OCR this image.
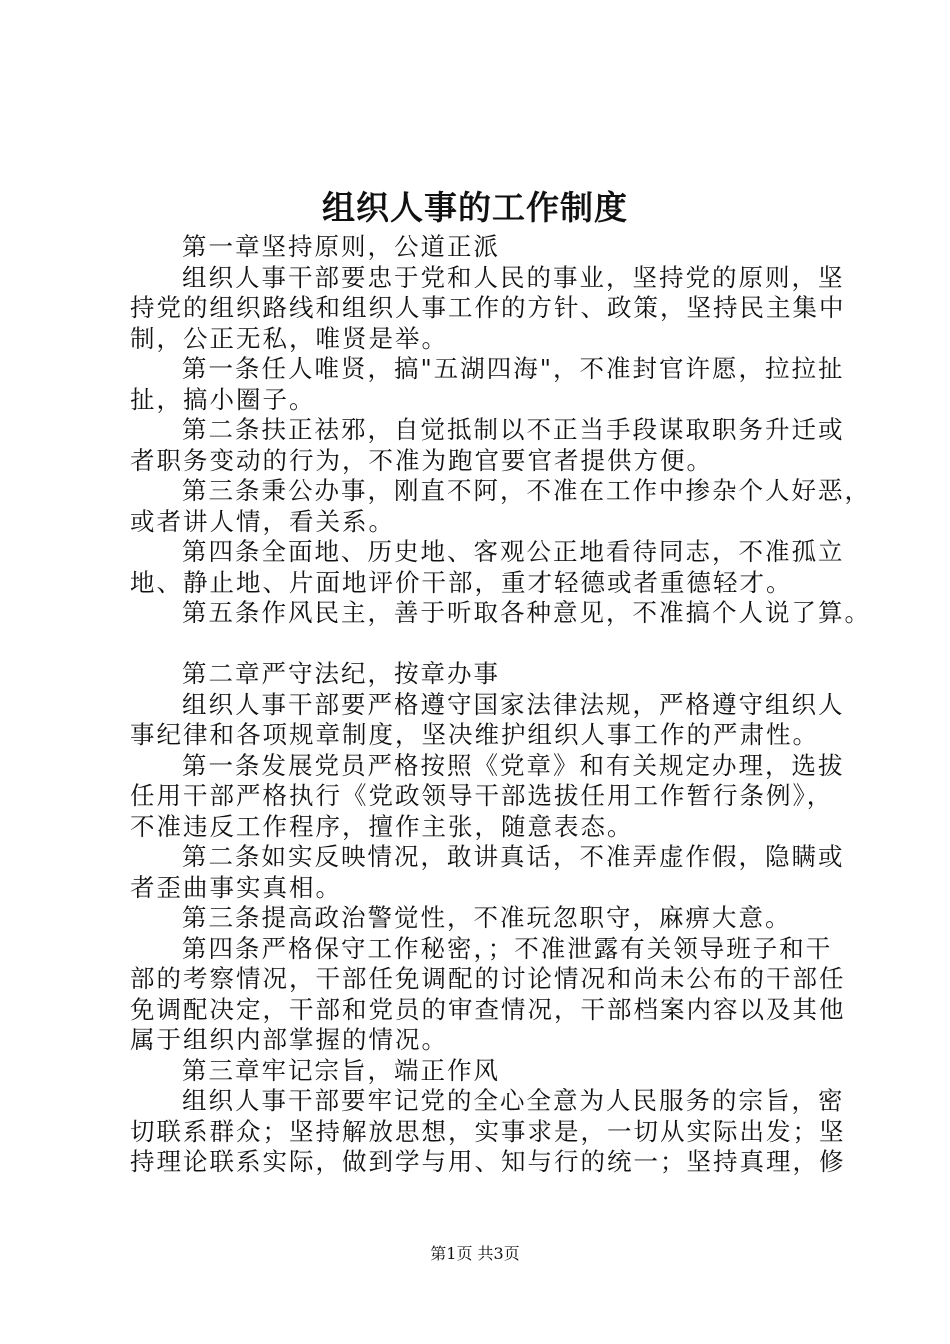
组织人事的工作制度

第一章坚持原则，公道正派

组织人事干部要忠于党和人民的事业，坚持党的原则，坚

持党的组织路线和组织人事工作的方针、政策，坚持民主集中

制，公正无私，唯贤是举。

第一条任人唯贤，搞"五湖四海"，不准封官许愿，拉拉扯

扯，搞小圈子。

第二条扶正祛邪，自觉抵制以不正当手段谋取职务升迁或

者职务变动的行为，不准为跑官要官者提供方便。

第三条秉公办事，刚直不阿，不准在工作中掺杂个人好恶，

或者讲人情，看关系。

第四条全面地、历史地、客观公正地看待同志，不准孤立

地、静止地、片面地评价干部，重才轻德或者重德轻才。

第五条作风民主，善于听取各种意见，不准搞个人说了算。

第二章严守法纪，按章办事

组织人事干部要严格遵守国家法律法规，严格遵守组织人

事纪律和各项规章制度，坚决维护组织人事工作的严肃性。

第一条发展党员严格按照《党章》和有关规定办理，选拔

任用干部严格执行《党政领导干部选拔任用工作暂行条例》，

不准违反工作程序，擅作主张，随意表态。

第二条如实反映情况，敢讲真话，不准弄虚作假，隐瞒或

者歪曲事实真相。

第三条提高政治警觉性，不准玩忽职守，麻痹大意。

第四条严格保守工作秘密，；不准泄露有关领导班子和干

部的考察情况，干部任免调配的讨论情况和尚未公布的干部任

免调配决定，干部和党员的审查情况，干部档案内容以及其他

属于组织内部掌握的情况。

第三章牢记宗旨，端正作风

组织人事干部要牢记党的全心全意为人民服务的宗旨，密

切联系群众；坚持解放思想，实事求是，一切从实际出发；坚

持理论联系实际，做到学与用、知与行的统一；坚持真理，修

第1页 共3页
